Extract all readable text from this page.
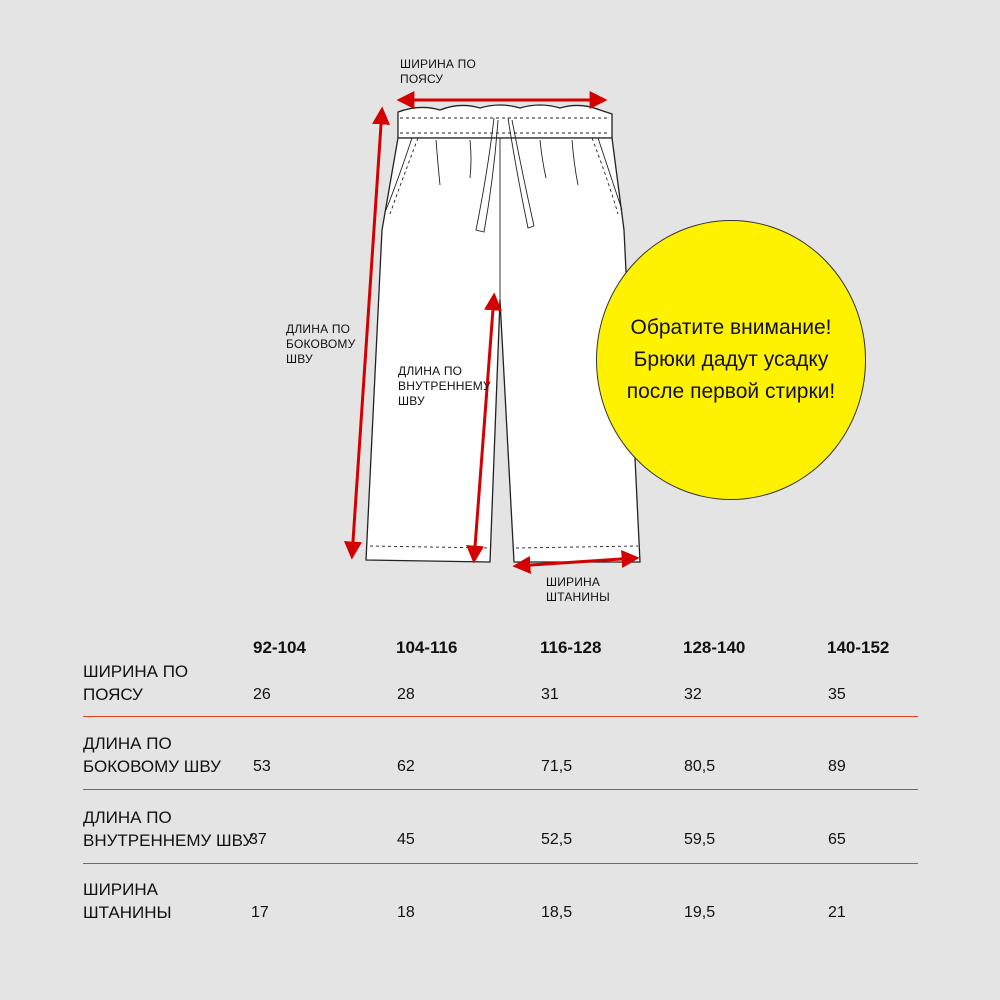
ШИРИНА ПО
ПОЯСУ
ДЛИНА ПО
БОКОВОМУ
ШВУ
ДЛИНА ПО
ВНУТРЕННЕМУ
ШВУ
ШИРИНА
ШТАНИНЫ
Обратите внимание!
Брюки дадут усадку
после первой стирки!
92-104	104-116	116-128	128-140	140-152
ШИРИНА ПО
ПОЯСУ	26	28	31	32	35
ДЛИНА ПО
БОКОВОМУ ШВУ 53	62	71,5	80,5	89
ДЛИНА ПО
ВНУТРЕННЕМУ ШВУ
37	45	52,5	59,5	65
ШИРИНА
ШТАНИНЫ	17	18	18,5	19,5	21
